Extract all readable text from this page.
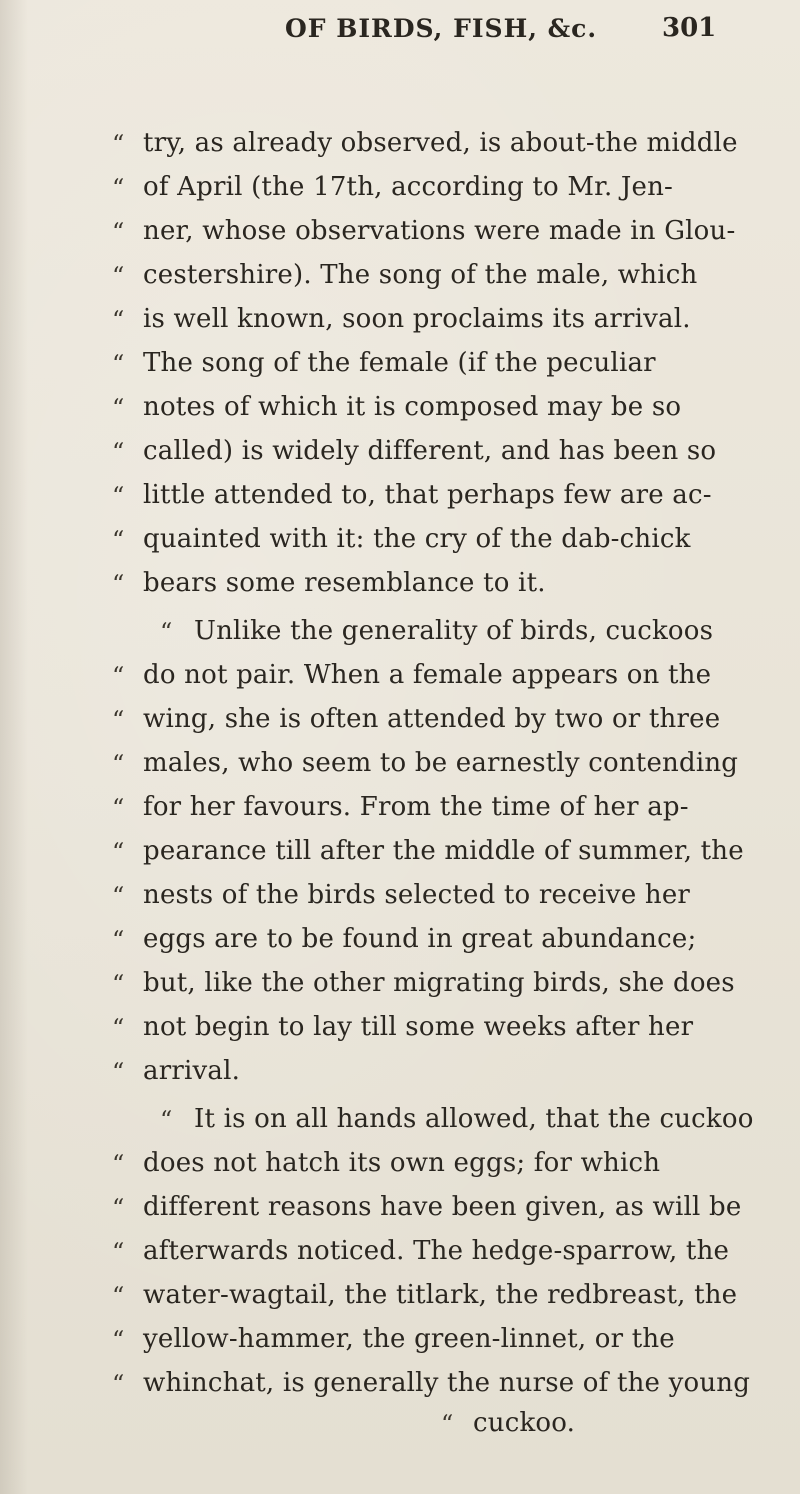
OF BIRDS, FISH, &c. 301
“ try, as already observed, is about-the middle
“ of April (the 17th, according to Mr. Jen-
“ ner, whose observations were made in Glou-
“ cestershire). The song of the male, which
“ is well known, soon proclaims its arrival.
“ The song of the female (if the peculiar
“ notes of which it is composed may be so
“ called) is widely different, and has been so
“ little attended to, that perhaps few are ac-
“ quainted with it: the cry of the dab-chick
“ bears some resemblance to it.
“ Unlike the generality of birds, cuckoos
“ do not pair. When a female appears on the
“ wing, she is often attended by two or three
“ males, who seem to be earnestly contending
“ for her favours. From the time of her ap-
“ pearance till after the middle of summer, the
“ nests of the birds selected to receive her
“ eggs are to be found in great abundance;
“ but, like the other migrating birds, she does
“ not begin to lay till some weeks after her
“ arrival.
“ It is on all hands allowed, that the cuckoo
“ does not hatch its own eggs; for which
“ different reasons have been given, as will be
“ afterwards noticed. The hedge-sparrow, the
“ water-wagtail, the titlark, the redbreast, the
“ yellow-hammer, the green-linnet, or the
“ whinchat, is generally the nurse of the young
“ cuckoo.
